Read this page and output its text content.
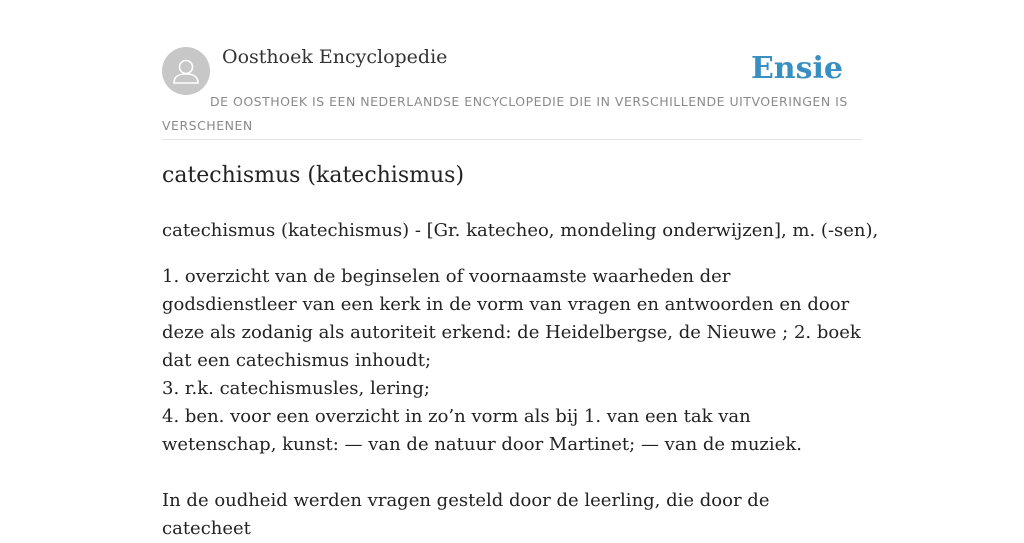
Oosthoek Encyclopedie	Ensie
DE OOSTHOEK IS EEN NEDERLANDSE ENCYCLOPEDIE DIE IN VERSCHILLENDE UITVOERINGEN IS VERSCHENEN
catechismus (katechismus)

catechismus (katechismus) - [Gr. katecheo, mondeling onderwijzen], m. (-sen),

1. overzicht van de beginselen of voornaamste waarheden der godsdienstleer van een kerk in de vorm van vragen en antwoorden en door deze als zodanig als autoriteit erkend: de Heidelbergse, de Nieuwe ; 2. boek dat een catechismus inhoudt;
3. r.k. catechismusles, lering;
4. ben. voor een overzicht in zo’n vorm als bij 1. van een tak van wetenschap, kunst: — van de natuur door Martinet; — van de muziek.
In de oudheid werden vragen gesteld door de leerling, die door de catecheet
